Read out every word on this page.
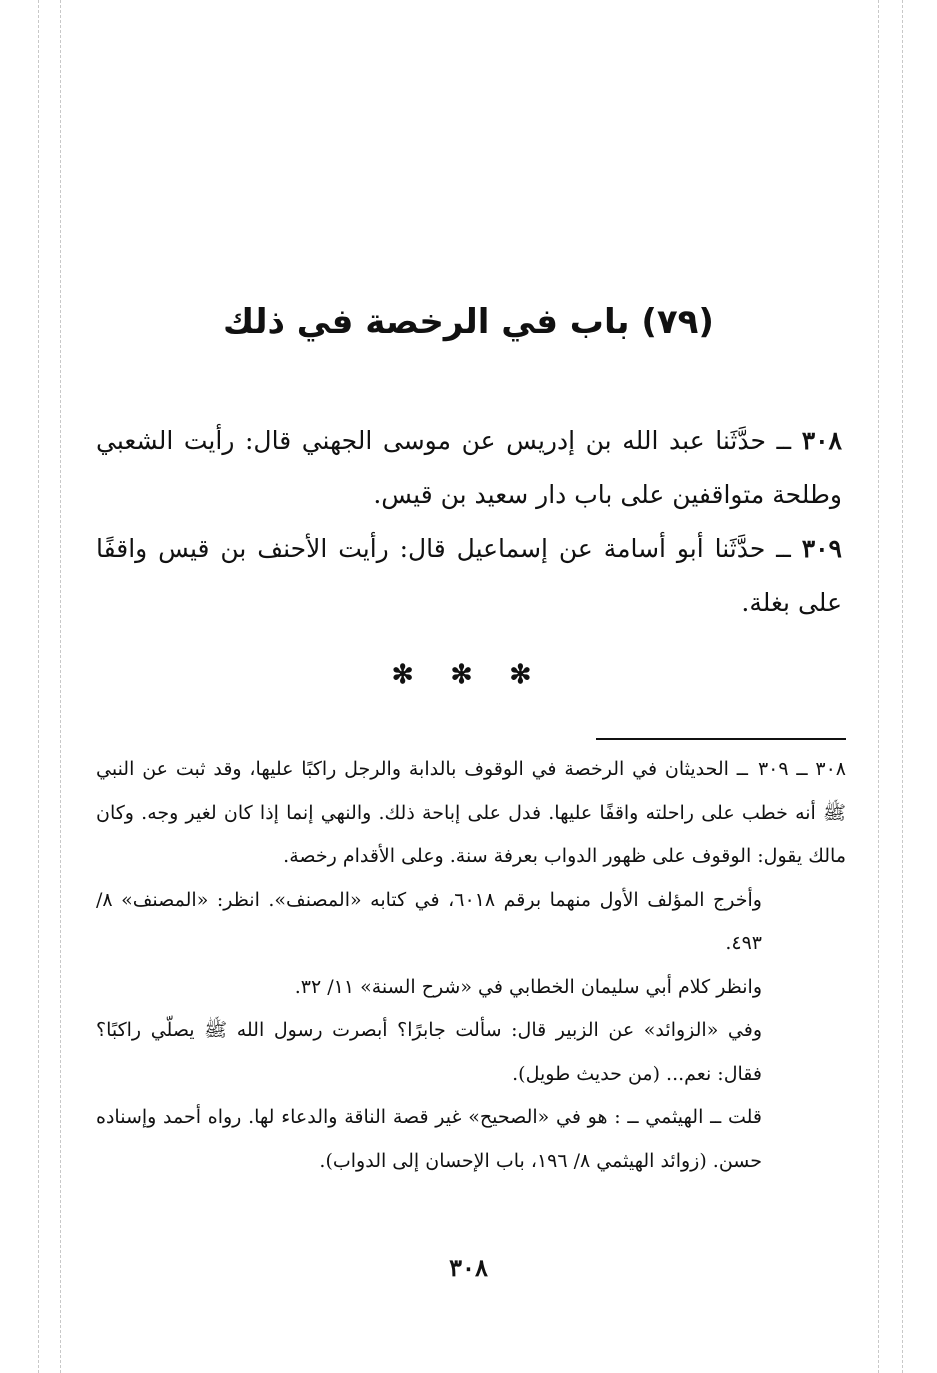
(٧٩) باب في الرخصة في ذلك
٣٠٨ ــ حدَّثَنا عبد الله بن إدريس عن موسى الجهني قال: رأيت الشعبي وطلحة متواقفين على باب دار سعيد بن قيس.
٣٠٩ ــ حدَّثَنا أبو أسامة عن إسماعيل قال: رأيت الأحنف بن قيس واقفًا على بغلة.
✻ ✻ ✻

٣٠٨ ــ ٣٠٩ــ الحديثان في الرخصة في الوقوف بالدابة والرجل راكبًا عليها، وقد ثبت عن النبي ﷺ أنه خطب على راحلته واقفًا عليها. فدل على إباحة ذلك. والنهي إنما إذا كان لغير وجه. وكان مالك يقول: الوقوف على ظهور الدواب بعرفة سنة. وعلى الأقدام رخصة.

وأخرج المؤلف الأول منهما برقم ٦٠١٨، في كتابه «المصنف». انظر: «المصنف» ٨/ ٤٩٣.

وانظر كلام أبي سليمان الخطابي في «شرح السنة» ١١/ ٣٢.

وفي «الزوائد» عن الزبير قال: سألت جابرًا؟ أبصرت رسول الله ﷺ يصلّي راكبًا؟ فقال: نعم... (من حديث طويل).

قلت ــ الهيثمي ــ : هو في «الصحيح» غير قصة الناقة والدعاء لها. رواه أحمد وإسناده حسن. (زوائد الهيثمي ٨/ ١٩٦، باب الإحسان إلى الدواب).

٣٠٨
